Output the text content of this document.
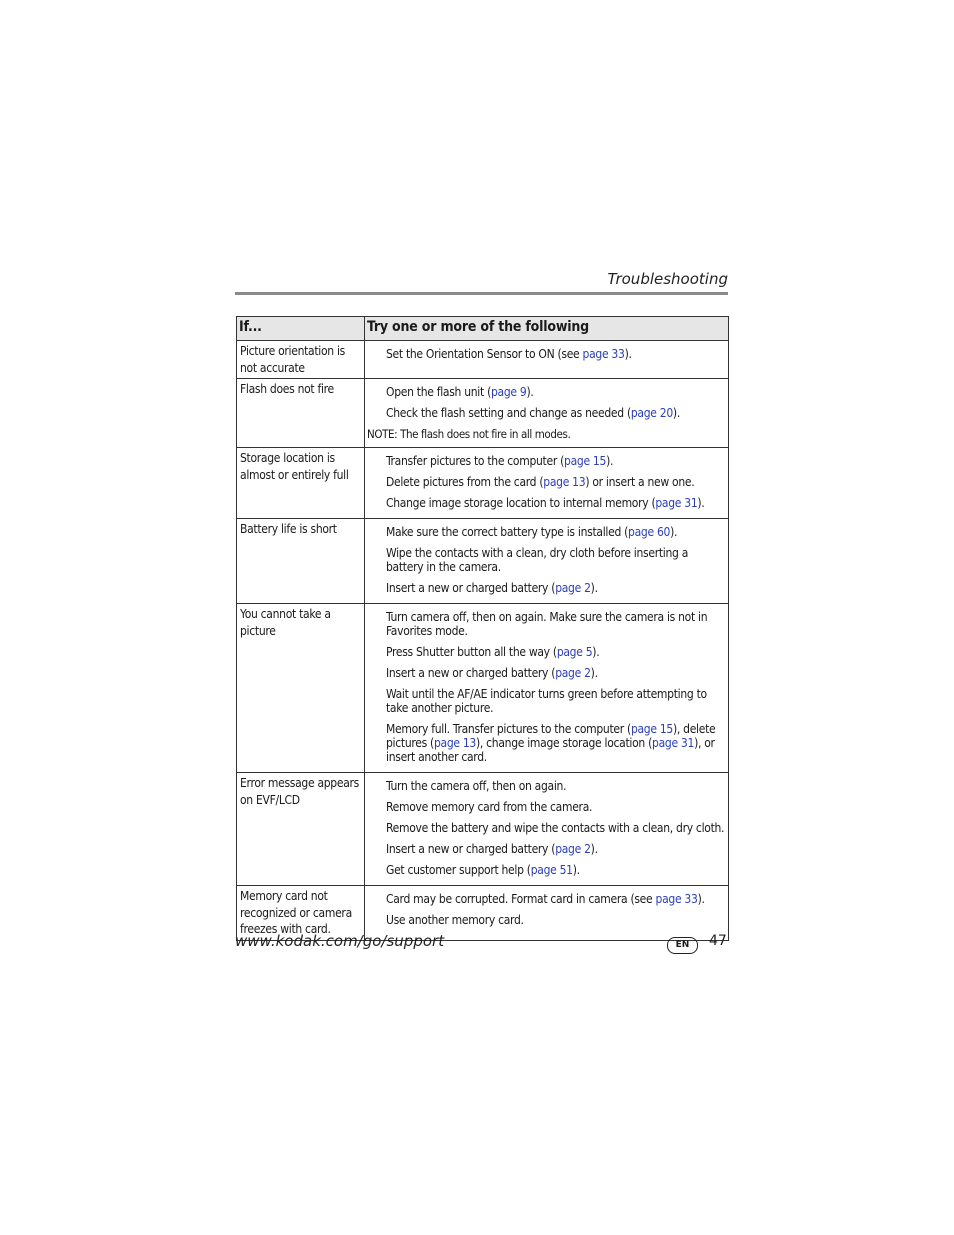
Troubleshooting
If...	Try one or more of the following
Picture orientation is not accurate	Set the Orientation Sensor to ON (see page 33).

Flash does not fire	Open the flash unit (page 9).
Check the flash setting and change as needed (page 20).
NOTE: The flash does not fire in all modes.

Storage location is almost or entirely full	Transfer pictures to the computer (page 15).
Delete pictures from the card (page 13) or insert a new one.
Change image storage location to internal memory (page 31).

Battery life is short	Make sure the correct battery type is installed (page 60).
Wipe the contacts with a clean, dry cloth before inserting a battery in the camera.
Insert a new or charged battery (page 2).

You cannot take a picture	Turn camera off, then on again. Make sure the camera is not in Favorites mode.
Press Shutter button all the way (page 5).
Insert a new or charged battery (page 2).
Wait until the AF/AE indicator turns green before attempting to take another picture.
Memory full. Transfer pictures to the computer (page 15), delete pictures (page 13), change image storage location (page 31), or insert another card.

Error message appears on EVF/LCD	Turn the camera off, then on again.
Remove memory card from the camera.
Remove the battery and wipe the contacts with a clean, dry cloth.
Insert a new or charged battery (page 2).
Get customer support help (page 51).

Memory card not recognized or camera freezes with card.	Card may be corrupted. Format card in camera (see page 33).
Use another memory card.
www.kodak.com/go/support	EN	47
